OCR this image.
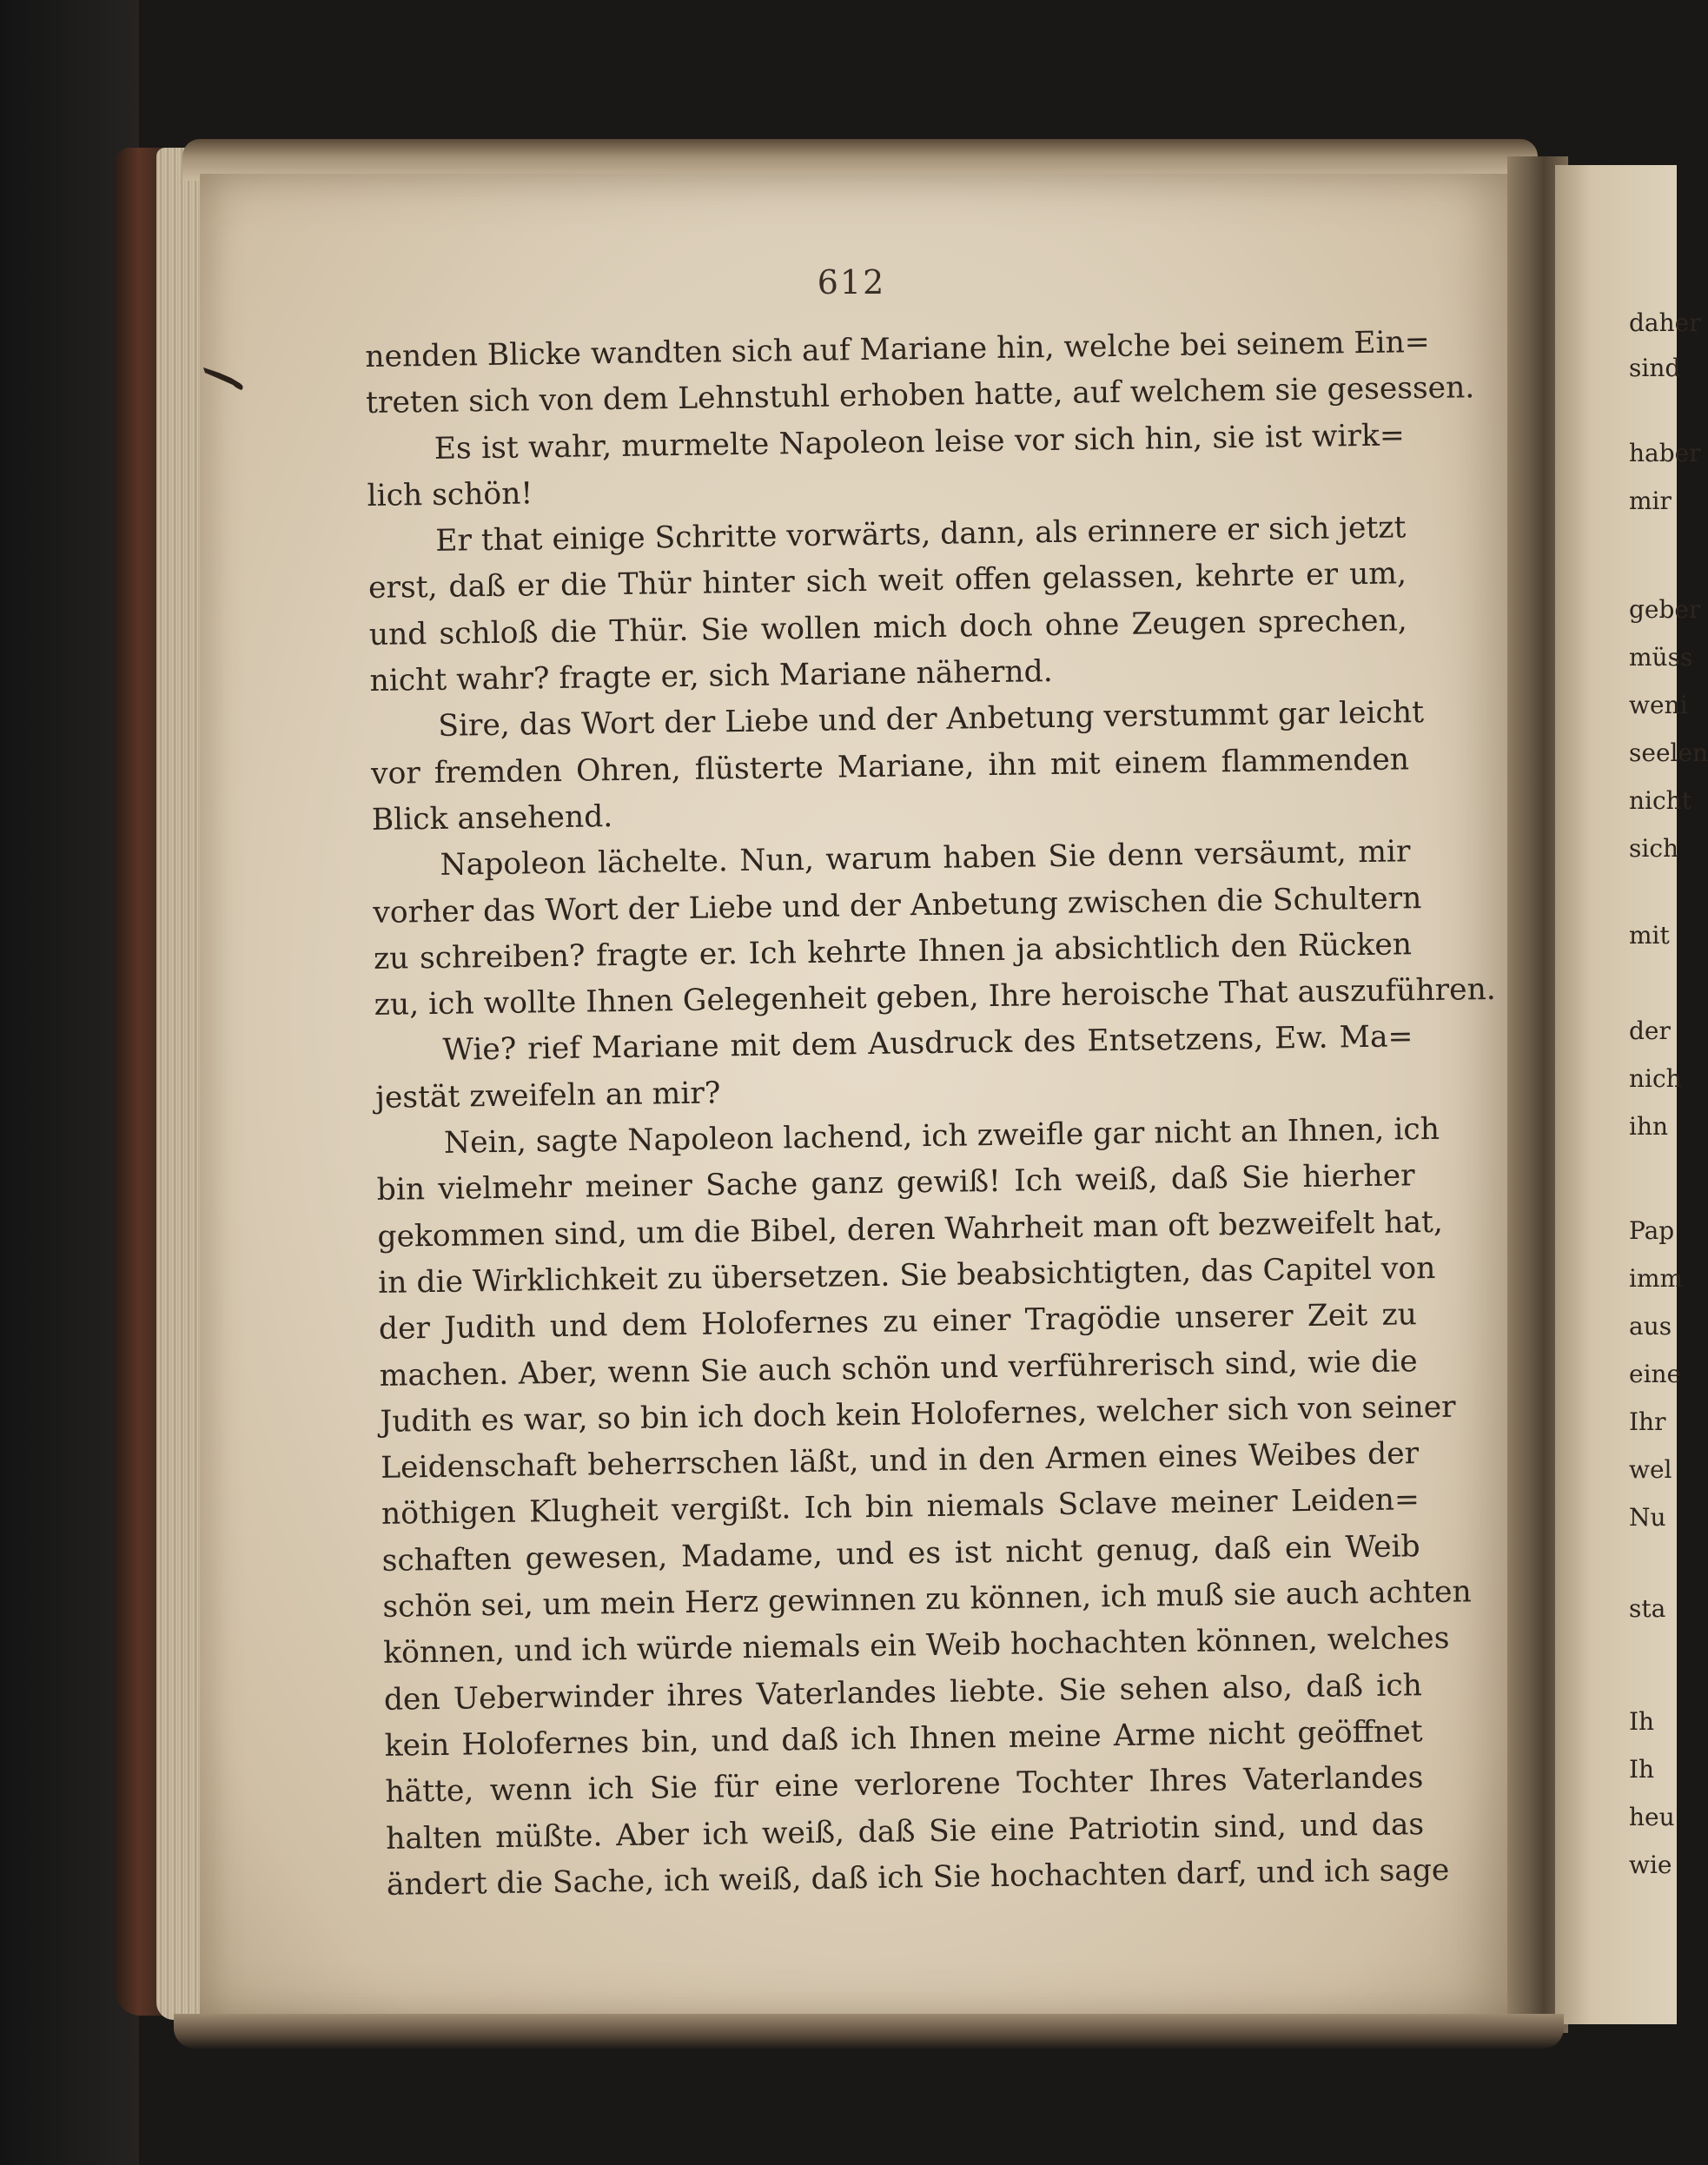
612
nenden Blicke wandten sich auf Mariane hin, welche bei seinem Ein=
treten sich von dem Lehnstuhl erhoben hatte, auf welchem sie gesessen.
Es ist wahr, murmelte Napoleon leise vor sich hin, sie ist wirk=
lich schön!
Er that einige Schritte vorwärts, dann, als erinnere er sich jetzt
erst, daß er die Thür hinter sich weit offen gelassen, kehrte er um,
und schloß die Thür. Sie wollen mich doch ohne Zeugen sprechen,
nicht wahr? fragte er, sich Mariane nähernd.
Sire, das Wort der Liebe und der Anbetung verstummt gar leicht
vor fremden Ohren, flüsterte Mariane, ihn mit einem flammenden
Blick ansehend.
Napoleon lächelte. Nun, warum haben Sie denn versäumt, mir
vorher das Wort der Liebe und der Anbetung zwischen die Schultern
zu schreiben? fragte er. Ich kehrte Ihnen ja absichtlich den Rücken
zu, ich wollte Ihnen Gelegenheit geben, Ihre heroische That auszuführen.
Wie? rief Mariane mit dem Ausdruck des Entsetzens, Ew. Ma=
jestät zweifeln an mir?
Nein, sagte Napoleon lachend, ich zweifle gar nicht an Ihnen, ich
bin vielmehr meiner Sache ganz gewiß! Ich weiß, daß Sie hierher
gekommen sind, um die Bibel, deren Wahrheit man oft bezweifelt hat,
in die Wirklichkeit zu übersetzen. Sie beabsichtigten, das Capitel von
der Judith und dem Holofernes zu einer Tragödie unserer Zeit zu
machen. Aber, wenn Sie auch schön und verführerisch sind, wie die
Judith es war, so bin ich doch kein Holofernes, welcher sich von seiner
Leidenschaft beherrschen läßt, und in den Armen eines Weibes der
nöthigen Klugheit vergißt. Ich bin niemals Sclave meiner Leiden=
schaften gewesen, Madame, und es ist nicht genug, daß ein Weib
schön sei, um mein Herz gewinnen zu können, ich muß sie auch achten
können, und ich würde niemals ein Weib hochachten können, welches
den Ueberwinder ihres Vaterlandes liebte. Sie sehen also, daß ich
kein Holofernes bin, und daß ich Ihnen meine Arme nicht geöffnet
hätte, wenn ich Sie für eine verlorene Tochter Ihres Vaterlandes
halten müßte. Aber ich weiß, daß Sie eine Patriotin sind, und das
ändert die Sache, ich weiß, daß ich Sie hochachten darf, und ich sage
daher
sind
haber
mir
geber
müss
weni
seelen
nicht
sich
mit
der
nich
ihn
Pap
imm
aus
eine
Ihr
wel
Nu
sta
Ih
Ih
heu
wie
